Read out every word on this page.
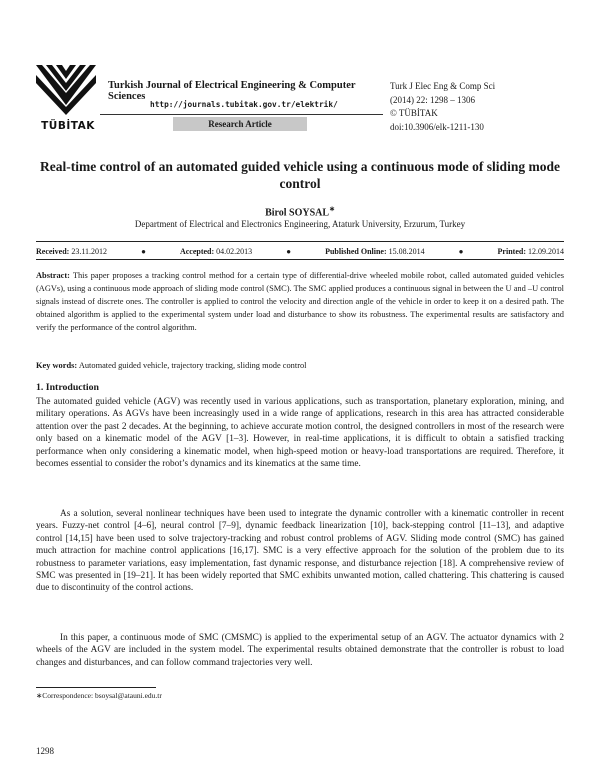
TÜBİTAK
Turkish Journal of Electrical Engineering & Computer Sciences
http://journals.tubitak.gov.tr/elektrik/
Research Article
Turk J Elec Eng & Comp Sci
(2014) 22: 1298 – 1306
© TÜBİTAK
doi:10.3906/elk-1211-130
Real-time control of an automated guided vehicle using a continuous mode of sliding mode control
Birol SOYSAL∗
Department of Electrical and Electronics Engineering, Ataturk University, Erzurum, Turkey
Received: 23.11.2012	●	Accepted: 04.02.2013	●	Published Online: 15.08.2014	●	Printed: 12.09.2014
Abstract: This paper proposes a tracking control method for a certain type of differential-drive wheeled mobile robot, called automated guided vehicles (AGVs), using a continuous mode approach of sliding mode control (SMC). The SMC applied produces a continuous signal in between the U and –U control signals instead of discrete ones. The controller is applied to control the velocity and direction angle of the vehicle in order to keep it on a desired path. The obtained algorithm is applied to the experimental system under load and disturbance to show its robustness. The experimental results are satisfactory and verify the performance of the control algorithm.
Key words: Automated guided vehicle, trajectory tracking, sliding mode control
1. Introduction
The automated guided vehicle (AGV) was recently used in various applications, such as transportation, planetary exploration, mining, and military operations. As AGVs have been increasingly used in a wide range of applications, research in this area has attracted considerable attention over the past 2 decades. At the beginning, to achieve accurate motion control, the designed controllers in most of the research were only based on a kinematic model of the AGV [1–3]. However, in real-time applications, it is difficult to obtain a satisfied tracking performance when only considering a kinematic model, when high-speed motion or heavy-load transportations are required. Therefore, it becomes essential to consider the robot’s dynamics and its kinematics at the same time.
As a solution, several nonlinear techniques have been used to integrate the dynamic controller with a kinematic controller in recent years. Fuzzy-net control [4–6], neural control [7–9], dynamic feedback linearization [10], back-stepping control [11–13], and adaptive control [14,15] have been used to solve trajectory-tracking and robust control problems of AGV. Sliding mode control (SMC) has gained much attraction for machine control applications [16,17]. SMC is a very effective approach for the solution of the problem due to its robustness to parameter variations, easy implementation, fast dynamic response, and disturbance rejection [18]. A comprehensive review of SMC was presented in [19–21]. It has been widely reported that SMC exhibits unwanted motion, called chattering. This chattering is caused due to discontinuity of the control actions.
In this paper, a continuous mode of SMC (CMSMC) is applied to the experimental setup of an AGV. The actuator dynamics with 2 wheels of the AGV are included in the system model. The experimental results obtained demonstrate that the controller is robust to load changes and disturbances, and can follow command trajectories very well.
∗Correspondence: bsoysal@atauni.edu.tr
1298
